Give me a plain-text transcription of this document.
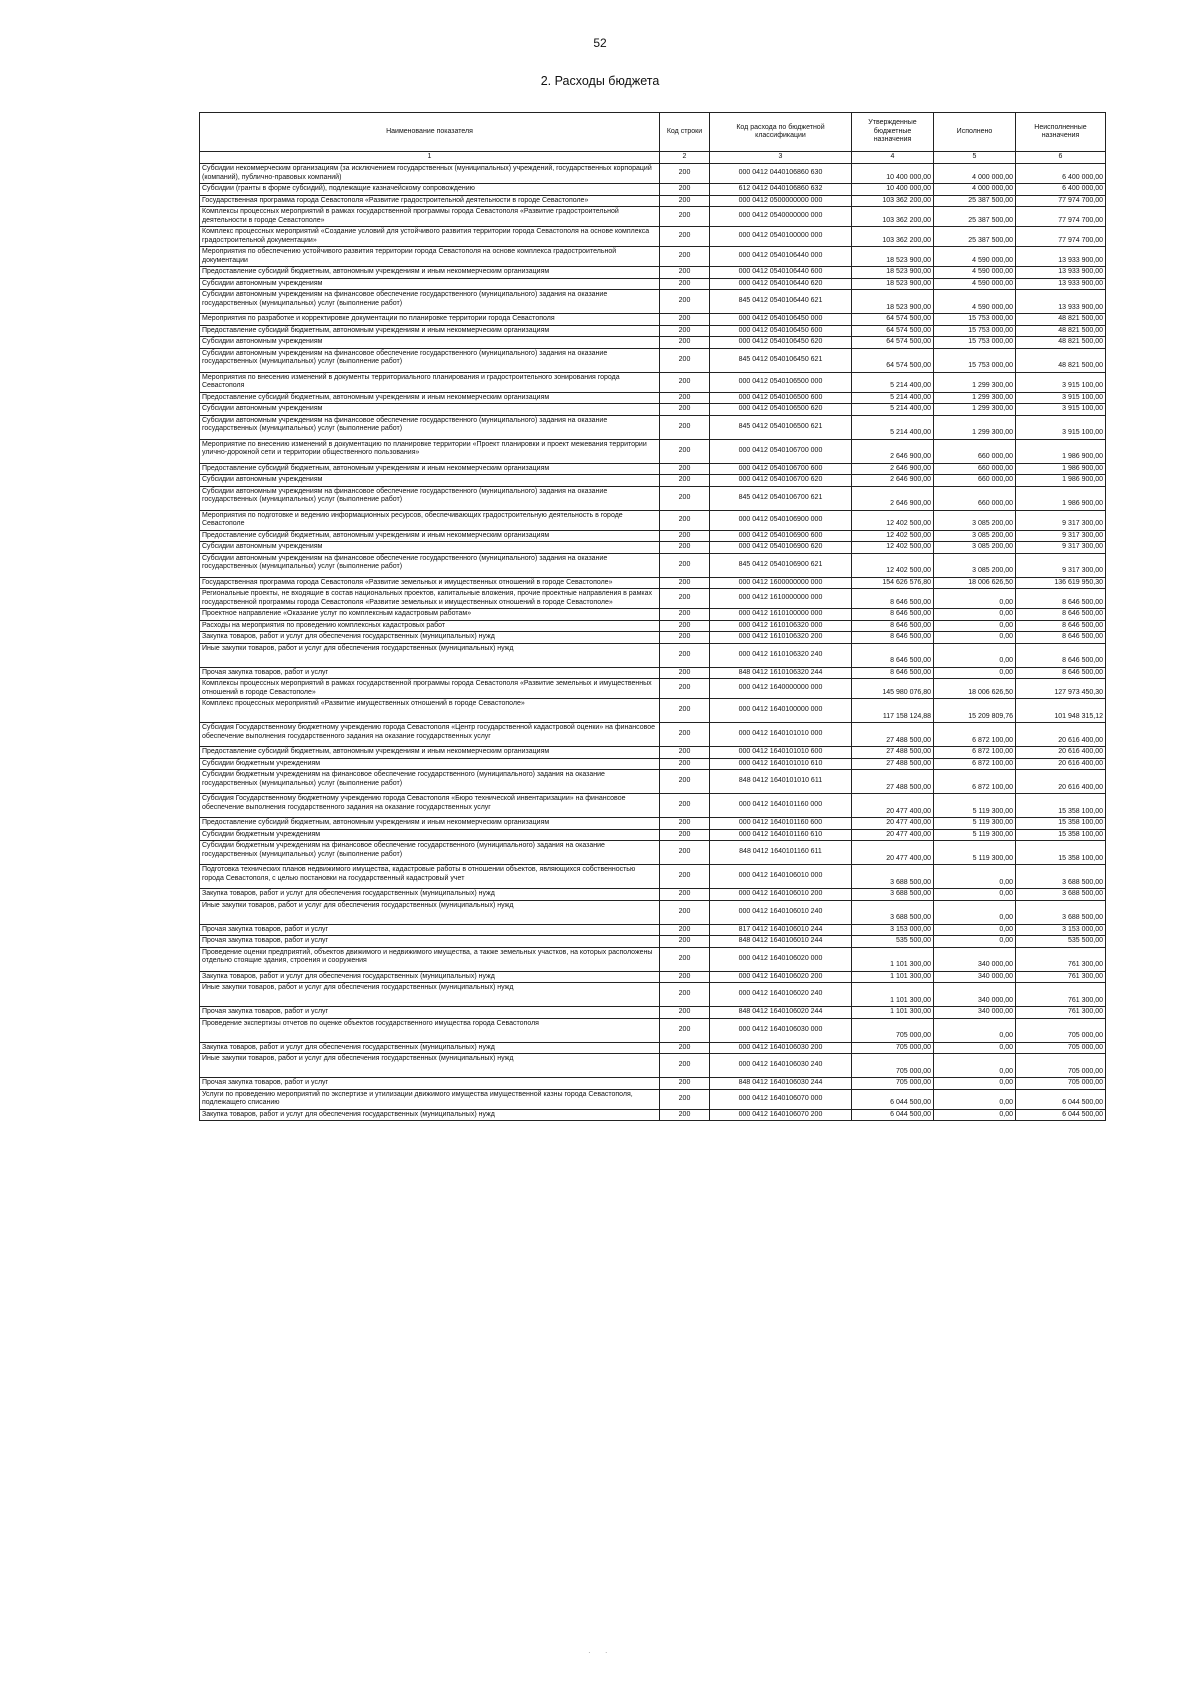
52
2. Расходы бюджета
Наименование показателя	Код строки	Код расхода по бюджетной классификации	Утвержденные бюджетные назначения	Исполнено	Неисполненные назначения
1	2	3	4	5	6
Субсидии некоммерческим организациям (за исключением государственных (муниципальных) учреждений, государственных корпораций (компаний), публично-правовых компаний)	200	000 0412 0440106860 630	10 400 000,00	4 000 000,00	6 400 000,00
Субсидии (гранты в форме субсидий), подлежащие казначейскому сопровождению	200	612 0412 0440106860 632	10 400 000,00	4 000 000,00	6 400 000,00
Государственная программа города Севастополя «Развитие градостроительной деятельности в городе Севастополе»	200	000 0412 0500000000 000	103 362 200,00	25 387 500,00	77 974 700,00
Комплексы процессных мероприятий в рамках государственной программы города Севастополя «Развитие градостроительной деятельности в городе Севастополе»	200	000 0412 0540000000 000	103 362 200,00	25 387 500,00	77 974 700,00
Комплекс процессных мероприятий «Создание условий для устойчивого развития территории города Севастополя на основе комплекса градостроительной документации»	200	000 0412 0540100000 000	103 362 200,00	25 387 500,00	77 974 700,00
Мероприятия по обеспечению устойчивого развития территории города Севастополя на основе комплекса градостроительной документации	200	000 0412 0540106440 000	18 523 900,00	4 590 000,00	13 933 900,00
Предоставление субсидий бюджетным, автономным учреждениям и иным некоммерческим организациям	200	000 0412 0540106440 600	18 523 900,00	4 590 000,00	13 933 900,00
Субсидии автономным учреждениям	200	000 0412 0540106440 620	18 523 900,00	4 590 000,00	13 933 900,00
Субсидии автономным учреждениям на финансовое обеспечение государственного (муниципального) задания на оказание государственных (муниципальных) услуг (выполнение работ)	200	845 0412 0540106440 621	18 523 900,00	4 590 000,00	13 933 900,00
Мероприятия по разработке и корректировке документации по планировке территории города Севастополя	200	000 0412 0540106450 000	64 574 500,00	15 753 000,00	48 821 500,00
Предоставление субсидий бюджетным, автономным учреждениям и иным некоммерческим организациям	200	000 0412 0540106450 600	64 574 500,00	15 753 000,00	48 821 500,00
Субсидии автономным учреждениям	200	000 0412 0540106450 620	64 574 500,00	15 753 000,00	48 821 500,00
Субсидии автономным учреждениям на финансовое обеспечение государственного (муниципального) задания на оказание государственных (муниципальных) услуг (выполнение работ)	200	845 0412 0540106450 621	64 574 500,00	15 753 000,00	48 821 500,00
Мероприятия по внесению изменений в документы территориального планирования и градостроительного зонирования города Севастополя	200	000 0412 0540106500 000	5 214 400,00	1 299 300,00	3 915 100,00
Предоставление субсидий бюджетным, автономным учреждениям и иным некоммерческим организациям	200	000 0412 0540106500 600	5 214 400,00	1 299 300,00	3 915 100,00
Субсидии автономным учреждениям	200	000 0412 0540106500 620	5 214 400,00	1 299 300,00	3 915 100,00
Субсидии автономным учреждениям на финансовое обеспечение государственного (муниципального) задания на оказание государственных (муниципальных) услуг (выполнение работ)	200	845 0412 0540106500 621	5 214 400,00	1 299 300,00	3 915 100,00
Мероприятие по внесению изменений в документацию по планировке территории «Проект планировки и проект межевания территории улично-дорожной сети и территории общественного пользования»	200	000 0412 0540106700 000	2 646 900,00	660 000,00	1 986 900,00
Предоставление субсидий бюджетным, автономным учреждениям и иным некоммерческим организациям	200	000 0412 0540106700 600	2 646 900,00	660 000,00	1 986 900,00
Субсидии автономным учреждениям	200	000 0412 0540106700 620	2 646 900,00	660 000,00	1 986 900,00
Субсидии автономным учреждениям на финансовое обеспечение государственного (муниципального) задания на оказание государственных (муниципальных) услуг (выполнение работ)	200	845 0412 0540106700 621	2 646 900,00	660 000,00	1 986 900,00
Мероприятия по подготовке и ведению информационных ресурсов, обеспечивающих градостроительную деятельность в городе Севастополе	200	000 0412 0540106900 000	12 402 500,00	3 085 200,00	9 317 300,00
Предоставление субсидий бюджетным, автономным учреждениям и иным некоммерческим организациям	200	000 0412 0540106900 600	12 402 500,00	3 085 200,00	9 317 300,00
Субсидии автономным учреждениям	200	000 0412 0540106900 620	12 402 500,00	3 085 200,00	9 317 300,00
Субсидии автономным учреждениям на финансовое обеспечение государственного (муниципального) задания на оказание государственных (муниципальных) услуг (выполнение работ)	200	845 0412 0540106900 621	12 402 500,00	3 085 200,00	9 317 300,00
Государственная программа города Севастополя «Развитие земельных и имущественных отношений в городе Севастополе»	200	000 0412 1600000000 000	154 626 576,80	18 006 626,50	136 619 950,30
Региональные проекты, не входящие в состав национальных проектов, капитальные вложения, прочие проектные направления в рамках государственной программы города Севастополя «Развитие земельных и имущественных отношений в городе Севастополе»	200	000 0412 1610000000 000	8 646 500,00	0,00	8 646 500,00
Проектное направление «Оказание услуг по комплексным кадастровым работам»	200	000 0412 1610100000 000	8 646 500,00	0,00	8 646 500,00
Расходы на мероприятия по проведению комплексных кадастровых работ	200	000 0412 1610106320 000	8 646 500,00	0,00	8 646 500,00
Закупка товаров, работ и услуг для обеспечения государственных (муниципальных) нужд	200	000 0412 1610106320 200	8 646 500,00	0,00	8 646 500,00
Иные закупки товаров, работ и услуг для обеспечения государственных (муниципальных) нужд	200	000 0412 1610106320 240	8 646 500,00	0,00	8 646 500,00
Прочая закупка товаров, работ и услуг	200	848 0412 1610106320 244	8 646 500,00	0,00	8 646 500,00
Комплексы процессных мероприятий в рамках государственной программы города Севастополя «Развитие земельных и имущественных отношений в городе Севастополе»	200	000 0412 1640000000 000	145 980 076,80	18 006 626,50	127 973 450,30
Комплекс процессных мероприятий «Развитие имущественных отношений в городе Севастополе»	200	000 0412 1640100000 000	117 158 124,88	15 209 809,76	101 948 315,12
Субсидия Государственному бюджетному учреждению города Севастополя «Центр государственной кадастровой оценки» на финансовое обеспечение выполнения государственного задания на оказание государственных услуг	200	000 0412 1640101010 000	27 488 500,00	6 872 100,00	20 616 400,00
Предоставление субсидий бюджетным, автономным учреждениям и иным некоммерческим организациям	200	000 0412 1640101010 600	27 488 500,00	6 872 100,00	20 616 400,00
Субсидии бюджетным учреждениям	200	000 0412 1640101010 610	27 488 500,00	6 872 100,00	20 616 400,00
Субсидии бюджетным учреждениям на финансовое обеспечение государственного (муниципального) задания на оказание государственных (муниципальных) услуг (выполнение работ)	200	848 0412 1640101010 611	27 488 500,00	6 872 100,00	20 616 400,00
Субсидия Государственному бюджетному учреждению города Севастополя «Бюро технической инвентаризации» на финансовое обеспечение выполнения государственного задания на оказание государственных услуг	200	000 0412 1640101160 000	20 477 400,00	5 119 300,00	15 358 100,00
Предоставление субсидий бюджетным, автономным учреждениям и иным некоммерческим организациям	200	000 0412 1640101160 600	20 477 400,00	5 119 300,00	15 358 100,00
Субсидии бюджетным учреждениям	200	000 0412 1640101160 610	20 477 400,00	5 119 300,00	15 358 100,00
Субсидии бюджетным учреждениям на финансовое обеспечение государственного (муниципального) задания на оказание государственных (муниципальных) услуг (выполнение работ)	200	848 0412 1640101160 611	20 477 400,00	5 119 300,00	15 358 100,00
Подготовка технических планов недвижимого имущества, кадастровые работы в отношении объектов, являющихся собственностью города Севастополя, с целью постановки на государственный кадастровый учет	200	000 0412 1640106010 000	3 688 500,00	0,00	3 688 500,00
Закупка товаров, работ и услуг для обеспечения государственных (муниципальных) нужд	200	000 0412 1640106010 200	3 688 500,00	0,00	3 688 500,00
Иные закупки товаров, работ и услуг для обеспечения государственных (муниципальных) нужд	200	000 0412 1640106010 240	3 688 500,00	0,00	3 688 500,00
Прочая закупка товаров, работ и услуг	200	817 0412 1640106010 244	3 153 000,00	0,00	3 153 000,00
Прочая закупка товаров, работ и услуг	200	848 0412 1640106010 244	535 500,00	0,00	535 500,00
Проведение оценки предприятий, объектов движимого и недвижимого имущества, а также земельных участков, на которых расположены отдельно стоящие здания, строения и сооружения	200	000 0412 1640106020 000	1 101 300,00	340 000,00	761 300,00
Закупка товаров, работ и услуг для обеспечения государственных (муниципальных) нужд	200	000 0412 1640106020 200	1 101 300,00	340 000,00	761 300,00
Иные закупки товаров, работ и услуг для обеспечения государственных (муниципальных) нужд	200	000 0412 1640106020 240	1 101 300,00	340 000,00	761 300,00
Прочая закупка товаров, работ и услуг	200	848 0412 1640106020 244	1 101 300,00	340 000,00	761 300,00
Проведение экспертизы отчетов по оценке объектов государственного имущества города Севастополя	200	000 0412 1640106030 000	705 000,00	0,00	705 000,00
Закупка товаров, работ и услуг для обеспечения государственных (муниципальных) нужд	200	000 0412 1640106030 200	705 000,00	0,00	705 000,00
Иные закупки товаров, работ и услуг для обеспечения государственных (муниципальных) нужд	200	000 0412 1640106030 240	705 000,00	0,00	705 000,00
Прочая закупка товаров, работ и услуг	200	848 0412 1640106030 244	705 000,00	0,00	705 000,00
Услуги по проведению мероприятий по экспертизе и утилизации движимого имущества имущественной казны города Севастополя, подлежащего списанию	200	000 0412 1640106070 000	6 044 500,00	0,00	6 044 500,00
Закупка товаров, работ и услуг для обеспечения государственных (муниципальных) нужд	200	000 0412 1640106070 200	6 044 500,00	0,00	6 044 500,00
· ·
